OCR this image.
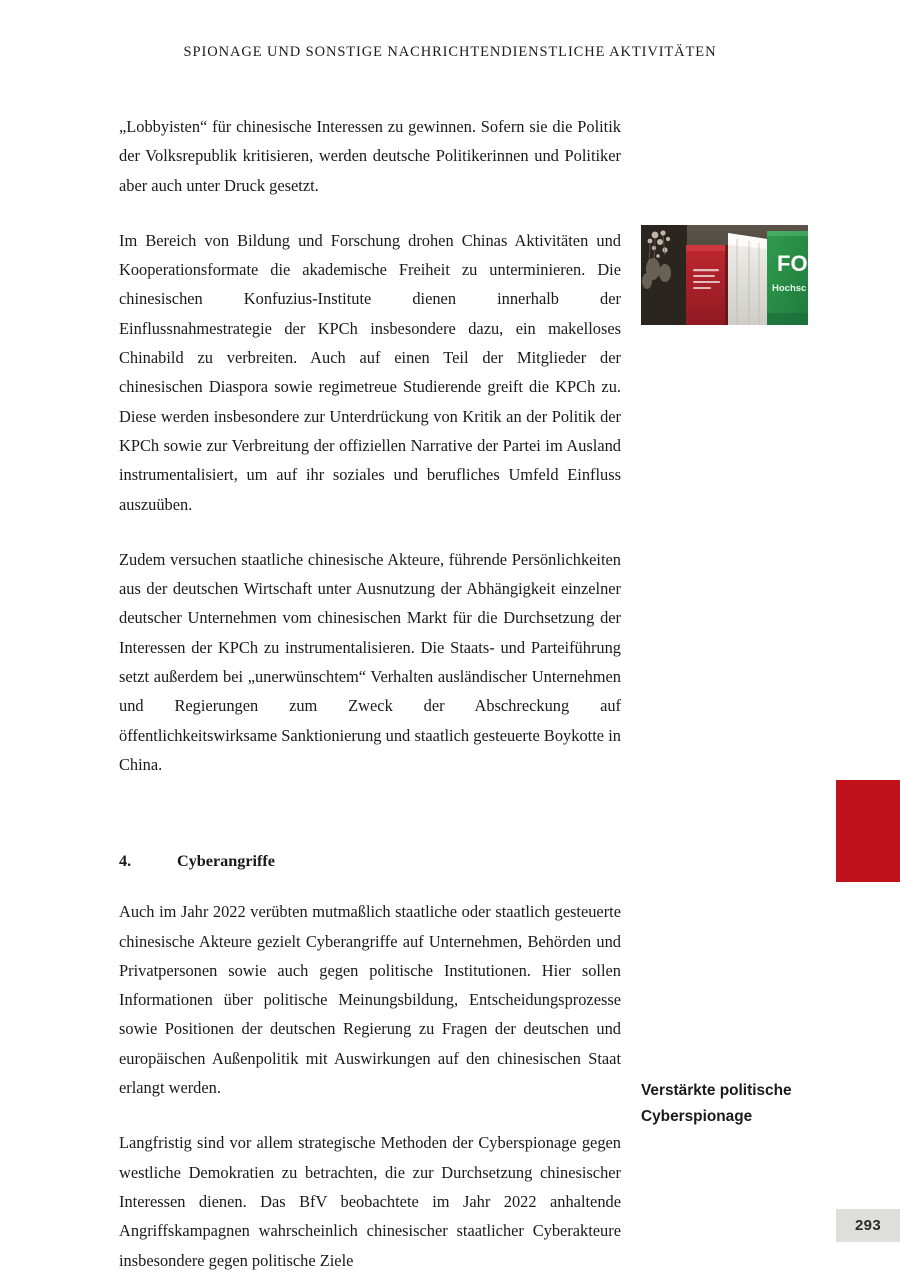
SPIONAGE UND SONSTIGE NACHRICHTENDIENSTLICHE AKTIVITÄTEN

„Lobbyisten“ für chinesische Interessen zu gewinnen. Sofern sie die Politik der Volksrepublik kritisieren, werden deutsche Politikerinnen und Politiker aber auch unter Druck gesetzt.

Im Bereich von Bildung und Forschung drohen Chinas Aktivitäten und Kooperationsformate die akademische Freiheit zu unterminieren. Die chinesischen Konfuzius-Institute dienen innerhalb der Einflussnahmestrategie der KPCh insbesondere dazu, ein makelloses Chinabild zu verbreiten. Auch auf einen Teil der Mitglieder der chinesischen Diaspora sowie regimetreue Studierende greift die KPCh zu. Diese werden insbesondere zur Unterdrückung von Kritik an der Politik der KPCh sowie zur Verbreitung der offiziellen Narrative der Partei im Ausland instrumentalisiert, um auf ihr soziales und berufliches Umfeld Einfluss auszuüben.

Zudem versuchen staatliche chinesische Akteure, führende Persönlichkeiten aus der deutschen Wirtschaft unter Ausnutzung der Abhängigkeit einzelner deutscher Unternehmen vom chinesischen Markt für die Durchsetzung der Interessen der KPCh zu instrumentalisieren. Die Staats- und Parteiführung setzt außerdem bei „unerwünschtem“ Verhalten ausländischer Unternehmen und Regierungen zum Zweck der Abschreckung auf öffentlichkeitswirksame Sanktionierung und staatlich gesteuerte Boykotte in China.

4.	Cyberangriffe

Auch im Jahr 2022 verübten mutmaßlich staatliche oder staatlich gesteuerte chinesische Akteure gezielt Cyberangriffe auf Unternehmen, Behörden und Privatpersonen sowie auch gegen politische Institutionen. Hier sollen Informationen über politische Meinungsbildung, Entscheidungsprozesse sowie Positionen der deutschen Regierung zu Fragen der deutschen und europäischen Außenpolitik mit Auswirkungen auf den chinesischen Staat erlangt werden.

Langfristig sind vor allem strategische Methoden der Cyberspionage gegen westliche Demokratien zu betrachten, die zur Durchsetzung chinesischer Interessen dienen. Das BfV beobachtete im Jahr 2022 anhaltende Angriffskampagnen wahrscheinlich chinesischer staatlicher Cyberakteure insbesondere gegen politische Ziele

FO
Hochsc
Verstärkte politische
Cyberspionage
293
